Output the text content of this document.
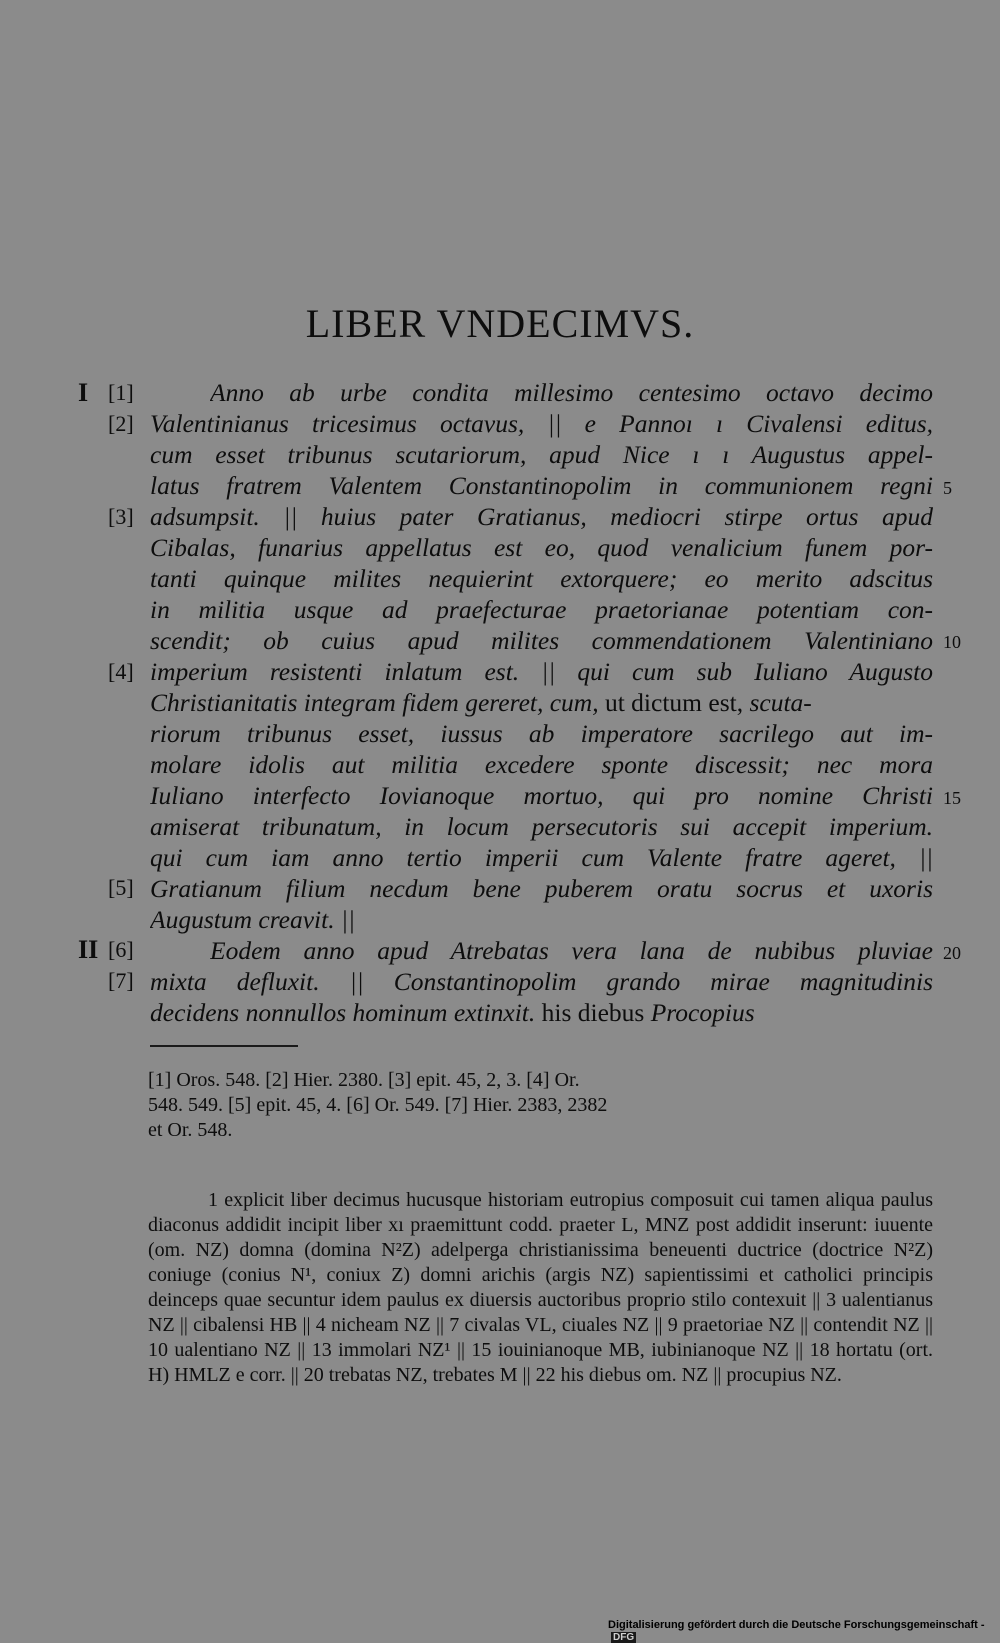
LIBER VNDECIMVS.
I
II
[ 1 ]
[ 2 ]
[ 3 ]
[ 4 ]
[ 5 ]
[ 6 ]
[ 7 ]
5
10
15
20
Anno ab urbe condita millesimo centesimo octavo decimo
Valentinianus tricesimus octavus, || e Pannoı ı Civalensi editus,
cum esset tribunus scutariorum, apud Nice ı ı Augustus appel-
latus fratrem Valentem Constantinopolim in communionem regni
adsumpsit. || huius pater Gratianus, mediocri stirpe ortus apud
Cibalas, funarius appellatus est eo, quod venalicium funem por-
tanti quinque milites nequierint extorquere; eo merito adscitus
in militia usque ad praefecturae praetorianae potentiam con-
scendit; ob cuius apud milites commendationem Valentiniano
imperium resistenti inlatum est. || qui cum sub Iuliano Augusto
Christianitatis integram fidem gereret, cum, ut dictum est, scuta-
riorum tribunus esset, iussus ab imperatore sacrilego aut im-
molare idolis aut militia excedere sponte discessit; nec mora
Iuliano interfecto Iovianoque mortuo, qui pro nomine Christi
amiserat tribunatum, in locum persecutoris sui accepit imperium.
qui cum iam anno tertio imperii cum Valente fratre ageret, ||
Gratianum filium necdum bene puberem oratu socrus et uxoris
Augustum creavit. ||
Eodem anno apud Atrebatas vera lana de nubibus pluviae
mixta defluxit. || Constantinopolim grando mirae magnitudinis
decidens nonnullos hominum extinxit. his diebus Procopius
[1] Oros. 548. [2] Hier. 2380. [3] epit. 45, 2, 3. [4] Or.
548. 549. [5] epit. 45, 4. [6] Or. 549. [7] Hier. 2383, 2382
et Or. 548.
1 explicit liber decimus hucusque historiam eutropius composuit cui tamen aliqua paulus diaconus addidit incipit liber xı praemittunt codd. praeter L, MNZ post addidit inserunt: iuuente (om. NZ) domna (domina N²Z) adelperga christianissima beneuenti ductrice (doctrice N²Z) coniuge (conius N¹, coniux Z) domni arichis (argis NZ) sapientissimi et catholici principis deinceps quae secuntur idem paulus ex diuersis auctoribus proprio stilo contexuit || 3 ualentianus NZ || cibalensi HB || 4 nicheam NZ || 7 civalas VL, ciuales NZ || 9 praetoriae NZ || contendit NZ || 10 ualentiano NZ || 13 immolari NZ¹ || 15 iouinianoque MB, iubinianoque NZ || 18 hortatu (ort. H) HMLZ e corr. || 20 trebatas NZ, trebates M || 22 his diebus om. NZ || procupius NZ.
Digitalisierung gefördert durch die Deutsche Forschungsgemeinschaft - DFG
